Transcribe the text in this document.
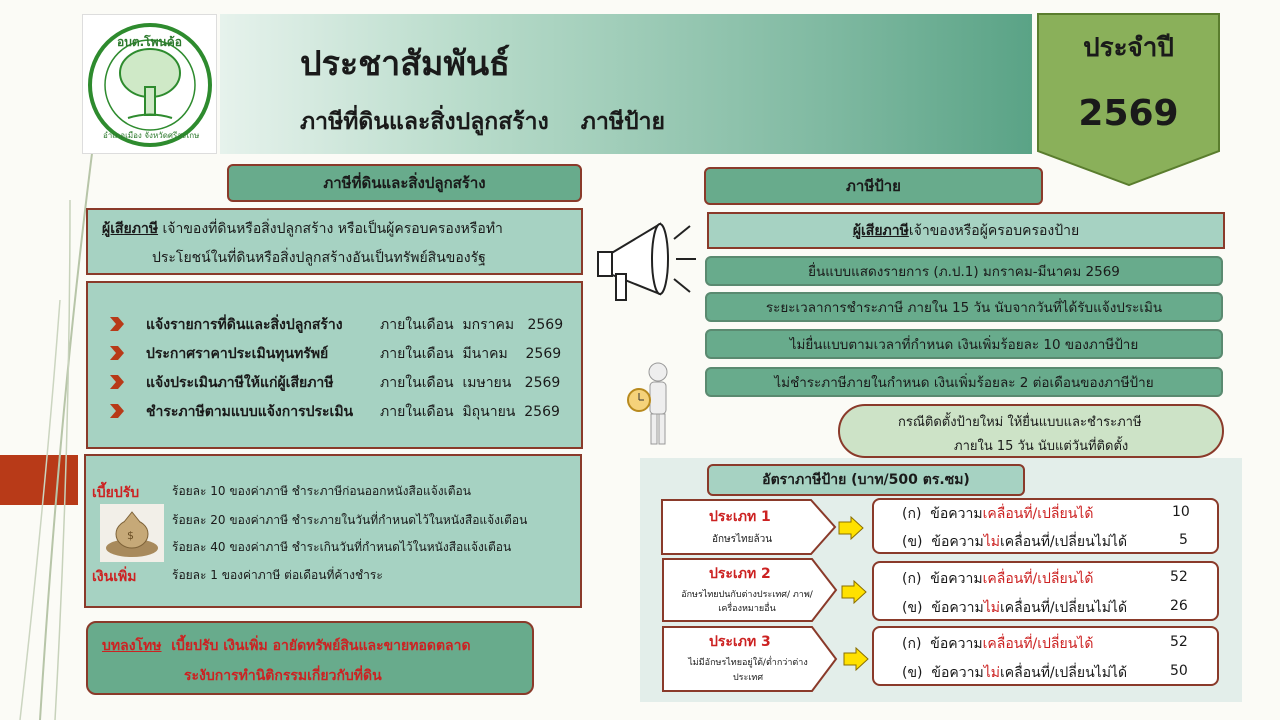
อบต.โพนค้อ
อำเภอเมือง จังหวัดศรีสะเกษ
ประชาสัมพันธ์
ภาษีที่ดินและสิ่งปลูกสร้าง    ภาษีป้าย
ประจำปี
2569
ภาษีที่ดินและสิ่งปลูกสร้าง
ผู้เสียภาษี เจ้าของที่ดินหรือสิ่งปลูกสร้าง หรือเป็นผู้ครอบครองหรือทำ
ประโยชน์ในที่ดินหรือสิ่งปลูกสร้างอันเป็นทรัพย์สินของรัฐ
แจ้งรายการที่ดินและสิ่งปลูกสร้าง	ภายในเดือน  มกราคม   2569
ประกาศราคาประเมินทุนทรัพย์	ภายในเดือน  มีนาคม    2569
แจ้งประเมินภาษีให้แก่ผู้เสียภาษี	ภายในเดือน  เมษายน   2569
ชำระภาษีตามแบบแจ้งการประเมิน ภายในเดือน  มิถุนายน  2569
เบี้ยปรับ
$
เงินเพิ่ม
ร้อยละ 10 ของค่าภาษี ชำระภาษีก่อนออกหนังสือแจ้งเตือน
ร้อยละ 20 ของค่าภาษี ชำระภายในวันที่กำหนดไว้ในหนังสือแจ้งเตือน
ร้อยละ 40 ของค่าภาษี ชำระเกินวันที่กำหนดไว้ในหนังสือแจ้งเตือน
ร้อยละ 1 ของค่าภาษี ต่อเดือนที่ค้างชำระ
บทลงโทษ  เบี้ยปรับ เงินเพิ่ม อายัดทรัพย์สินและขายทอดตลาด
ระงับการทำนิติกรรมเกี่ยวกับที่ดิน
ภาษีป้าย
ผู้เสียภาษี เจ้าของหรือผู้ครอบครองป้าย
ยื่นแบบแสดงรายการ (ภ.ป.1) มกราคม-มีนาคม 2569
ระยะเวลาการชำระภาษี ภายใน 15 วัน นับจากวันที่ได้รับแจ้งประเมิน
ไม่ยื่นแบบตามเวลาที่กำหนด เงินเพิ่มร้อยละ 10 ของภาษีป้าย
ไม่ชำระภาษีภายในกำหนด เงินเพิ่มร้อยละ 2 ต่อเดือนของภาษีป้าย
กรณีติดตั้งป้ายใหม่ ให้ยื่นแบบและชำระภาษี
ภายใน 15 วัน นับแต่วันที่ติดตั้ง
อัตราภาษีป้าย (บาท/500 ตร.ซม)
ประเภท 1
อักษรไทยล้วน
(ก)  ข้อความเคลื่อนที่/เปลี่ยนได้	10
(ข)  ข้อความไม่เคลื่อนที่/เปลี่ยนไม่ได้	5
ประเภท 2
อักษรไทยปนกับต่างประเทศ/ ภาพ/เครื่องหมายอื่น
(ก)  ข้อความเคลื่อนที่/เปลี่ยนได้	52
(ข)  ข้อความไม่เคลื่อนที่/เปลี่ยนไม่ได้	26
ประเภท 3
ไม่มีอักษรไทยอยู่ใต้/ต่ำกว่าต่างประเทศ
(ก)  ข้อความเคลื่อนที่/เปลี่ยนได้	52
(ข)  ข้อความไม่เคลื่อนที่/เปลี่ยนไม่ได้	50
